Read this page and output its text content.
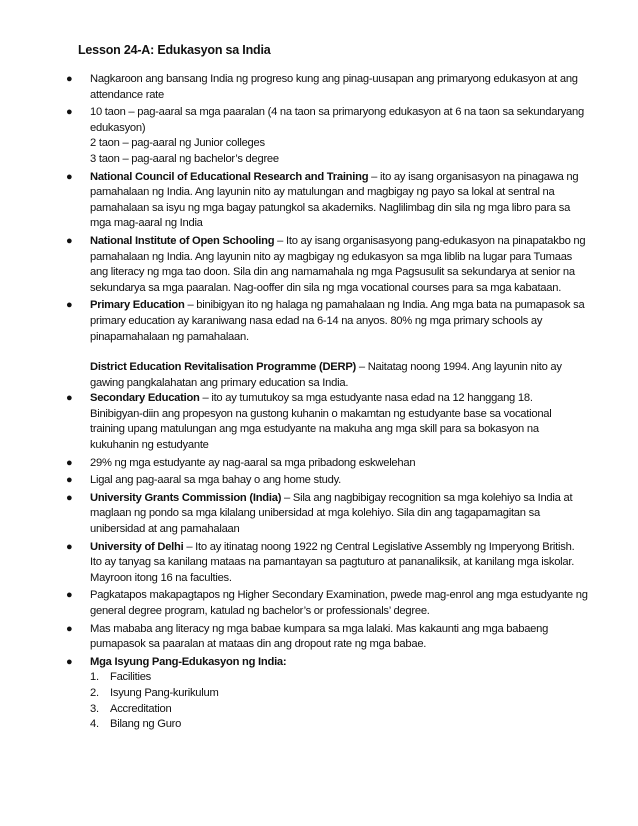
Lesson 24-A: Edukasyon sa India
● Nagkaroon ang bansang India ng progreso kung ang pinag-uusapan ang primaryong edukasyon at ang
attendance rate
● 10 taon – pag-aaral sa mga paaralan (4 na taon sa primaryong edukasyon at 6 na taon sa sekundaryang
edukasyon)
2 taon – pag-aaral ng Junior colleges
3 taon – pag-aaral ng bachelor’s degree
● National Council of Educational Research and Training – ito ay isang organisasyon na pinagawa ng
pamahalaan ng India. Ang layunin nito ay matulungan and magbigay ng payo sa lokal at sentral na
pamahalaan sa isyu ng mga bagay patungkol sa akademiks. Naglilimbag din sila ng mga libro para sa
mga mag-aaral ng India
● National Institute of Open Schooling – Ito ay isang organisasyong pang-edukasyon na pinapatakbo ng
pamahalaan ng India. Ang layunin nito ay magbigay ng edukasyon sa mga liblib na lugar para Tumaas
ang literacy ng mga tao doon. Sila din ang namamahala ng mga Pagsusulit sa sekundarya at senior na
sekundarya sa mga paaralan. Nag-ooffer din sila ng mga vocational courses para sa mga kabataan.
● Primary Education – binibigyan ito ng halaga ng pamahalaan ng India. Ang mga bata na pumapasok sa
primary education ay karaniwang nasa edad na 6-14 na anyos. 80% ng mga primary schools ay
pinapamahalaan ng pamahalaan.
District Education Revitalisation Programme (DERP) – Naitatag noong 1994. Ang layunin nito ay
gawing pangkalahatan ang primary education sa India.
● Secondary Education – ito ay tumutukoy sa mga estudyante nasa edad na 12 hanggang 18.
Binibigyan-diin ang propesyon na gustong kuhanin o makamtan ng estudyante base sa vocational
training upang matulungan ang mga estudyante na makuha ang mga skill para sa bokasyon na
kukuhanin ng estudyante
● 29% ng mga estudyante ay nag-aaral sa mga pribadong eskwelehan
● Ligal ang pag-aaral sa mga bahay o ang home study.
● University Grants Commission (India) – Sila ang nagbibigay recognition sa mga kolehiyo sa India at
maglaan ng pondo sa mga kilalang unibersidad at mga kolehiyo. Sila din ang tagapamagitan sa
unibersidad at ang pamahalaan
● University of Delhi – Ito ay itinatag noong 1922 ng Central Legislative Assembly ng Imperyong British.
Ito ay tanyag sa kanilang mataas na pamantayan sa pagtuturo at pananaliksik, at kanilang mga iskolar.
Mayroon itong 16 na faculties.
● Pagkatapos makapagtapos ng Higher Secondary Examination, pwede mag-enrol ang mga estudyante ng
general degree program, katulad ng bachelor’s or professionals’ degree.
● Mas mababa ang literacy ng mga babae kumpara sa mga lalaki. Mas kakaunti ang mga babaeng
pumapasok sa paaralan at mataas din ang dropout rate ng mga babae.
● Mga Isyung Pang-Edukasyon ng India:
1. Facilities
2. Isyung Pang-kurikulum
3. Accreditation
4. Bilang ng Guro
